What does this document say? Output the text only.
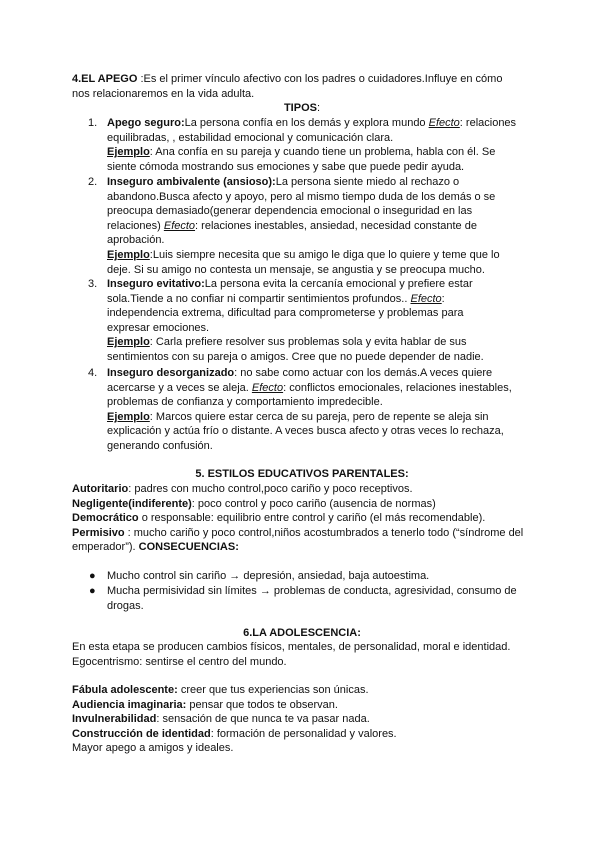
4.EL APEGO :Es el primer vínculo afectivo con los padres o cuidadores.Influye en cómo
nos relacionaremos en la vida adulta.

TIPOS:

1. Apego seguro:La persona confía en los demás y explora mundo Efecto: relaciones
equilibradas, , estabilidad emocional y comunicación clara.
Ejemplo: Ana confía en su pareja y cuando tiene un problema, habla con él. Se
siente cómoda mostrando sus emociones y sabe que puede pedir ayuda.

2. Inseguro ambivalente (ansioso):La persona siente miedo al rechazo o
abandono.Busca afecto y apoyo, pero al mismo tiempo duda de los demás o se
preocupa demasiado(generar dependencia emocional o inseguridad en las
relaciones) Efecto: relaciones inestables, ansiedad, necesidad constante de
aprobación.
Ejemplo:Luis siempre necesita que su amigo le diga que lo quiere y teme que lo
deje. Si su amigo no contesta un mensaje, se angustia y se preocupa mucho.

3. Inseguro evitativo:La persona evita la cercanía emocional y prefiere estar
sola.Tiende a no confiar ni compartir sentimientos profundos.. Efecto:
independencia extrema, dificultad para comprometerse y problemas para
expresar emociones.
Ejemplo: Carla prefiere resolver sus problemas sola y evita hablar de sus
sentimientos con su pareja o amigos. Cree que no puede depender de nadie.

4. Inseguro desorganizado: no sabe como actuar con los demás.A veces quiere
acercarse y a veces se aleja. Efecto: conflictos emocionales, relaciones inestables,
problemas de confianza y comportamiento impredecible.
Ejemplo: Marcos quiere estar cerca de su pareja, pero de repente se aleja sin
explicación y actúa frío o distante. A veces busca afecto y otras veces lo rechaza,
generando confusión.

5. ESTILOS EDUCATIVOS PARENTALES:

Autoritario: padres con mucho control,poco cariño y poco receptivos.
Negligente(indiferente): poco control y poco cariño (ausencia de normas)
Democrático o responsable: equilibrio entre control y cariño (el más recomendable).
Permisivo : mucho cariño y poco control,niños acostumbrados a tenerlo todo (“síndrome del
emperador”). CONSECUENCIAS:

● Mucho control sin cariño → depresión, ansiedad, baja autoestima.

● Mucha permisividad sin límites → problemas de conducta, agresividad, consumo de
drogas.

6.LA ADOLESCENCIA:

En esta etapa se producen cambios físicos, mentales, de personalidad, moral e identidad.
Egocentrismo: sentirse el centro del mundo.

Fábula adolescente: creer que tus experiencias son únicas.
Audiencia imaginaria: pensar que todos te observan.
Invulnerabilidad: sensación de que nunca te va pasar nada.
Construcción de identidad: formación de personalidad y valores.
Mayor apego a amigos y ideales.
